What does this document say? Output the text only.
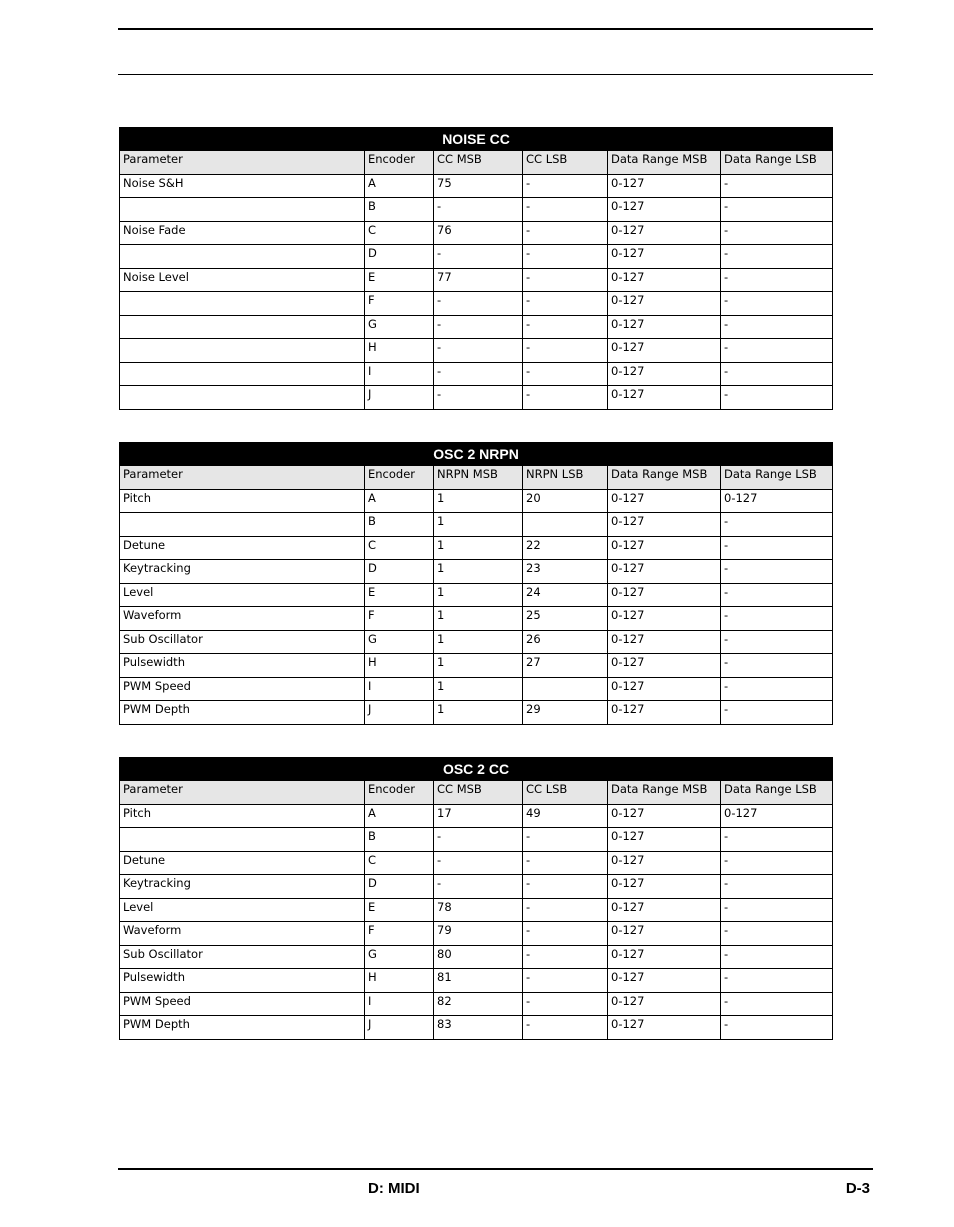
NOISE CC					
Parameter	Encoder	CC MSB	CC LSB	Data Range MSB	Data Range LSB
Noise S&H	A	75	-	0-127	-
	B	-	-	0-127	-
Noise Fade	C	76	-	0-127	-
	D	-	-	0-127	-
Noise Level	E	77	-	0-127	-
	F	-	-	0-127	-
	G	-	-	0-127	-
	H	-	-	0-127	-
	I	-	-	0-127	-
	J	-	-	0-127	-
OSC 2 NRPN					
Parameter	Encoder	NRPN MSB	NRPN LSB	Data Range MSB	Data Range LSB
Pitch	A	1	20	0-127	0-127
	B	1		0-127	-
Detune	C	1	22	0-127	-
Keytracking	D	1	23	0-127	-
Level	E	1	24	0-127	-
Waveform	F	1	25	0-127	-
Sub Oscillator	G	1	26	0-127	-
Pulsewidth	H	1	27	0-127	-
PWM Speed	I	1		0-127	-
PWM Depth	J	1	29	0-127	-
OSC 2 CC					
Parameter	Encoder	CC MSB	CC LSB	Data Range MSB	Data Range LSB
Pitch	A	17	49	0-127	0-127
	B	-	-	0-127	-
Detune	C	-	-	0-127	-
Keytracking	D	-	-	0-127	-
Level	E	78	-	0-127	-
Waveform	F	79	-	0-127	-
Sub Oscillator	G	80	-	0-127	-
Pulsewidth	H	81	-	0-127	-
PWM Speed	I	82	-	0-127	-
PWM Depth	J	83	-	0-127	-
D: MIDI	D-3
